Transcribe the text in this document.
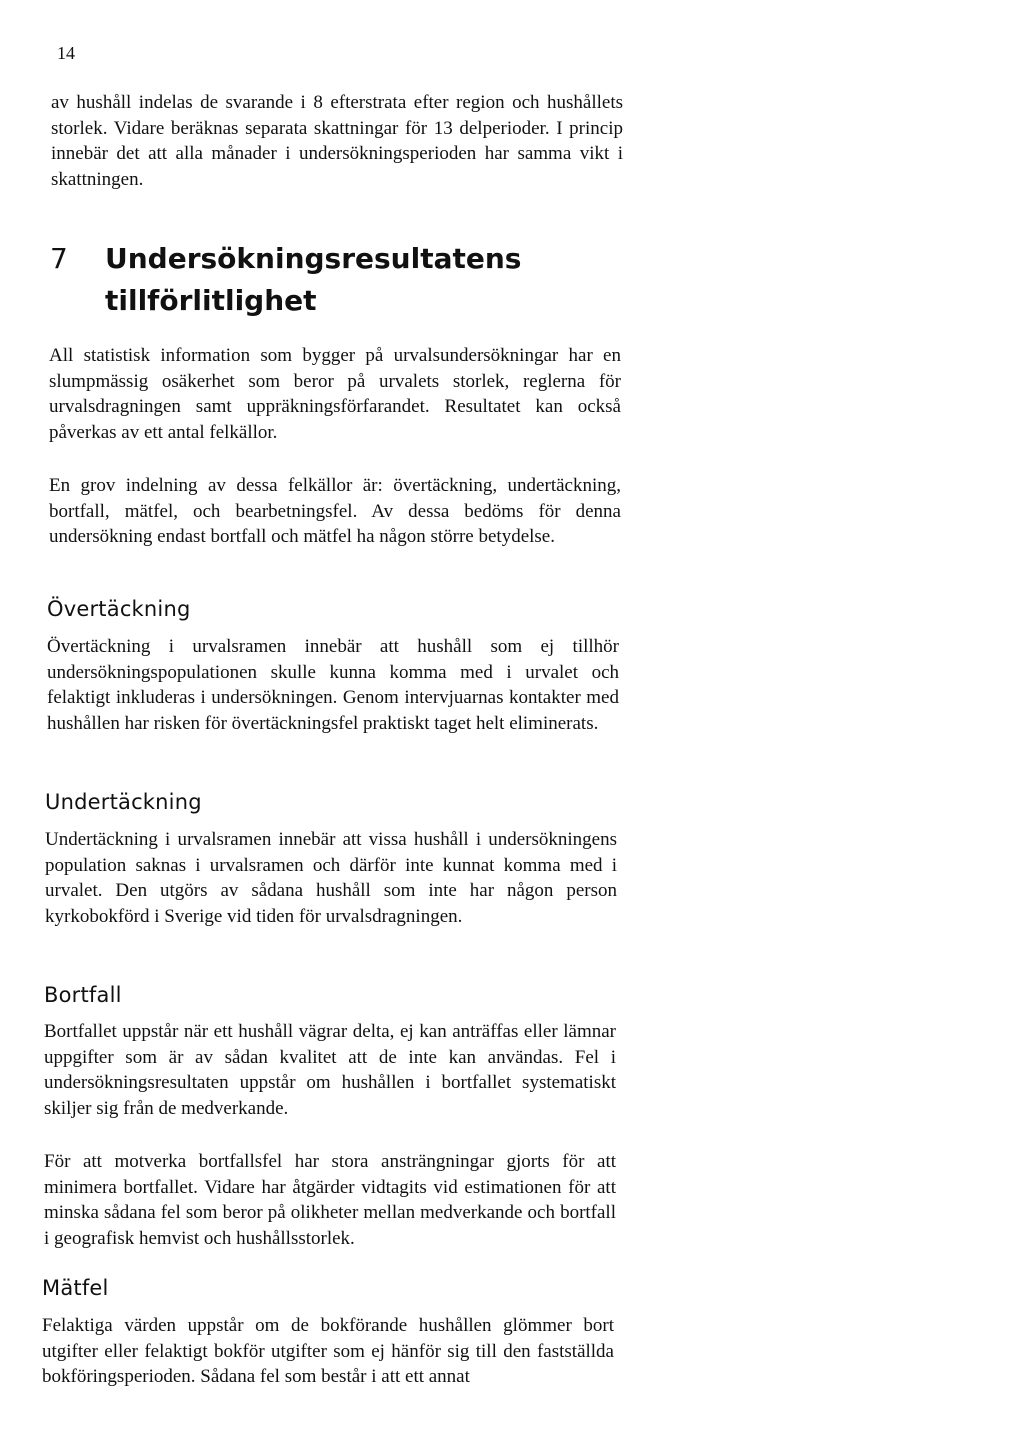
14

av hushåll indelas de svarande i 8 efterstrata efter region och hushållets storlek. Vidare beräknas separata skattningar för 13 delperioder. I princip innebär det att alla månader i undersökningsperioden har samma vikt i skattningen.

7 Undersökningsresultatens tillförlitlighet

All statistisk information som bygger på urvalsundersökningar har en slumpmässig osäkerhet som beror på urvalets storlek, reglerna för urvalsdragningen samt uppräkningsförfarandet. Resultatet kan också påverkas av ett antal felkällor.

En grov indelning av dessa felkällor är: övertäckning, undertäckning, bortfall, mätfel, och bearbetningsfel. Av dessa bedöms för denna undersökning endast bortfall och mätfel ha någon större betydelse.

Övertäckning

Övertäckning i urvalsramen innebär att hushåll som ej tillhör undersökningspopulationen skulle kunna komma med i urvalet och felaktigt inkluderas i undersökningen. Genom intervjuarnas kontakter med hushållen har risken för övertäckningsfel praktiskt taget helt eliminerats.

Undertäckning

Undertäckning i urvalsramen innebär att vissa hushåll i undersökningens population saknas i urvalsramen och därför inte kunnat komma med i urvalet. Den utgörs av sådana hushåll som inte har någon person kyrkobokförd i Sverige vid tiden för urvalsdragningen.

Bortfall

Bortfallet uppstår när ett hushåll vägrar delta, ej kan anträffas eller lämnar uppgifter som är av sådan kvalitet att de inte kan användas. Fel i undersökningsresultaten uppstår om hushållen i bortfallet systematiskt skiljer sig från de medverkande.

För att motverka bortfallsfel har stora ansträngningar gjorts för att minimera bortfallet. Vidare har åtgärder vidtagits vid estimationen för att minska sådana fel som beror på olikheter mellan medverkande och bortfall i geografisk hemvist och hushållsstorlek.

Mätfel

Felaktiga värden uppstår om de bokförande hushållen glömmer bort utgifter eller felaktigt bokför utgifter som ej hänför sig till den fastställda bokföringsperioden. Sådana fel som består i att ett annat
